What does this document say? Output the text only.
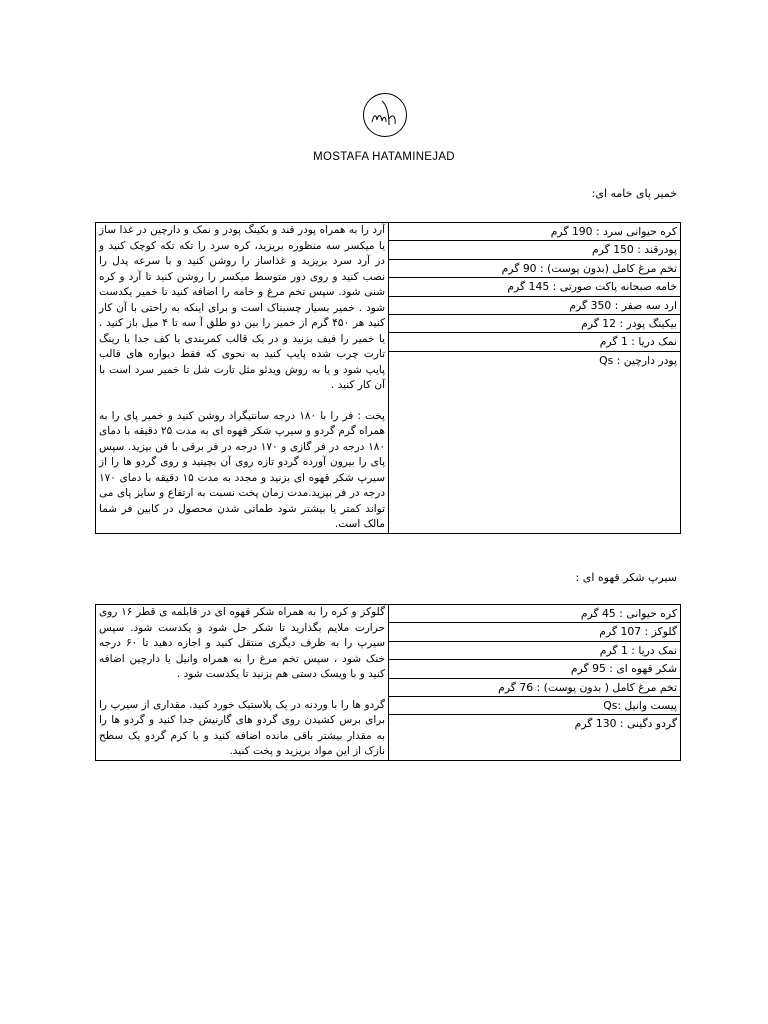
mh
MOSTAFA HATAMINEJAD
خمیر پای خامه ای:

آرد را به همراه پودر قند و بکینگ پودر و نمک و دارچین در غذا ساز یا میکسر سه منظوره بریزید، کره سرد را تکه تکه کوچک کنید و در آرد سرد بریزید و غذاساز را روشن کنید و با سرعه پدل را نصب کنید و روی دور متوسط میکسر را روشن کنید تا آرد و کره شنی شود. سپس تخم مرغ و خامه را اضافه کنید تا خمیر یکدست شود . خمیر بسیار چسبناک است و برای اینکه به راحتی با آن کار کنید هر ۴۵۰ گرم از خمیر را بین دو طلق آ سه تا ۴ میل باز کنید . یا خمیر را فیف بزنید و در یک قالب کمربندی یا کف جدا یا رینگ تارت چرب شده پایپ کنید به نحوی که فقط دیواره های قالب پایپ شود و یا به روش ویدئو مثل تارت شل تا خمیر سرد است با آن کار کنید .

پخت : فر را با ۱۸۰ درجه سانتیگراد روشن کنید و خمیر پای را به همراه گرم گردو و سیرپ شکر قهوه ای به مدت ۲۵ دقیقه با دمای ۱۸۰ درجه در فر گازی و ۱۷۰ درجه در فر برقی با فن بپزید. سپس پای را بیرون آورده گردو تازه روی آن بچینید و روی گردو ها را از سیرپ شکر قهوه ای بزنید و مجدد به مدت ۱۵ دقیقه با دمای ۱۷۰ درجه در فر بپزید.مدت زمان پخت نسبت به ارتفاع و سایز پای می تواند کمتر یا بیشتر شود طماتی شدن محصول در کابین فر شما مالک است.

کره حیوانی سرد : 190 گرم
پودرقند : 150 گرم
تخم مرغ کامل (بدون پوست) : 90 گرم
خامه صبحانه پاکت صورتی : 145 گرم
ارد سه صفر : 350 گرم
بیکینگ پودر : 12 گرم
نمک دریا : 1 گرم
پودر دارچین : Qs
سیرپ شکر قهوه ای :

گلوکز و کره را به همراه شکر قهوه ای در قابلمه ی قطر ۱۶ روی حرارت ملایم بگذارید تا شکر حل شود و یکدست شود. سپس سیرپ را به ظرف دیگری منتقل کنید و اجازه دهید تا ۶۰ درجه خنک شود ، سپس تخم مرغ را به همراه وانیل یا دارچین اضافه کنید و با ویسک دستی هم بزنید تا یکدست شود .

گردو ها را با وردنه در یک پلاستیک خورد کنید. مقداری از سیرپ را برای برس کشیدن روی گردو های گارنیش جدا کنید و گردو ها را به مقدار بیشتر باقی مانده اضافه کنید و با کرم گردو یک سطح نازک از این مواد بریزید و پخت کنید.

کره حیوانی : 45 گرم
گلوکز : 107 گرم
نمک دریا : 1 گرم
شکر قهوه ای : 95 گرم
تخم مرغ کامل ( بدون پوست) : 76 گرم
پیست وانیل :Qs
گردو دگینی : 130 گرم
